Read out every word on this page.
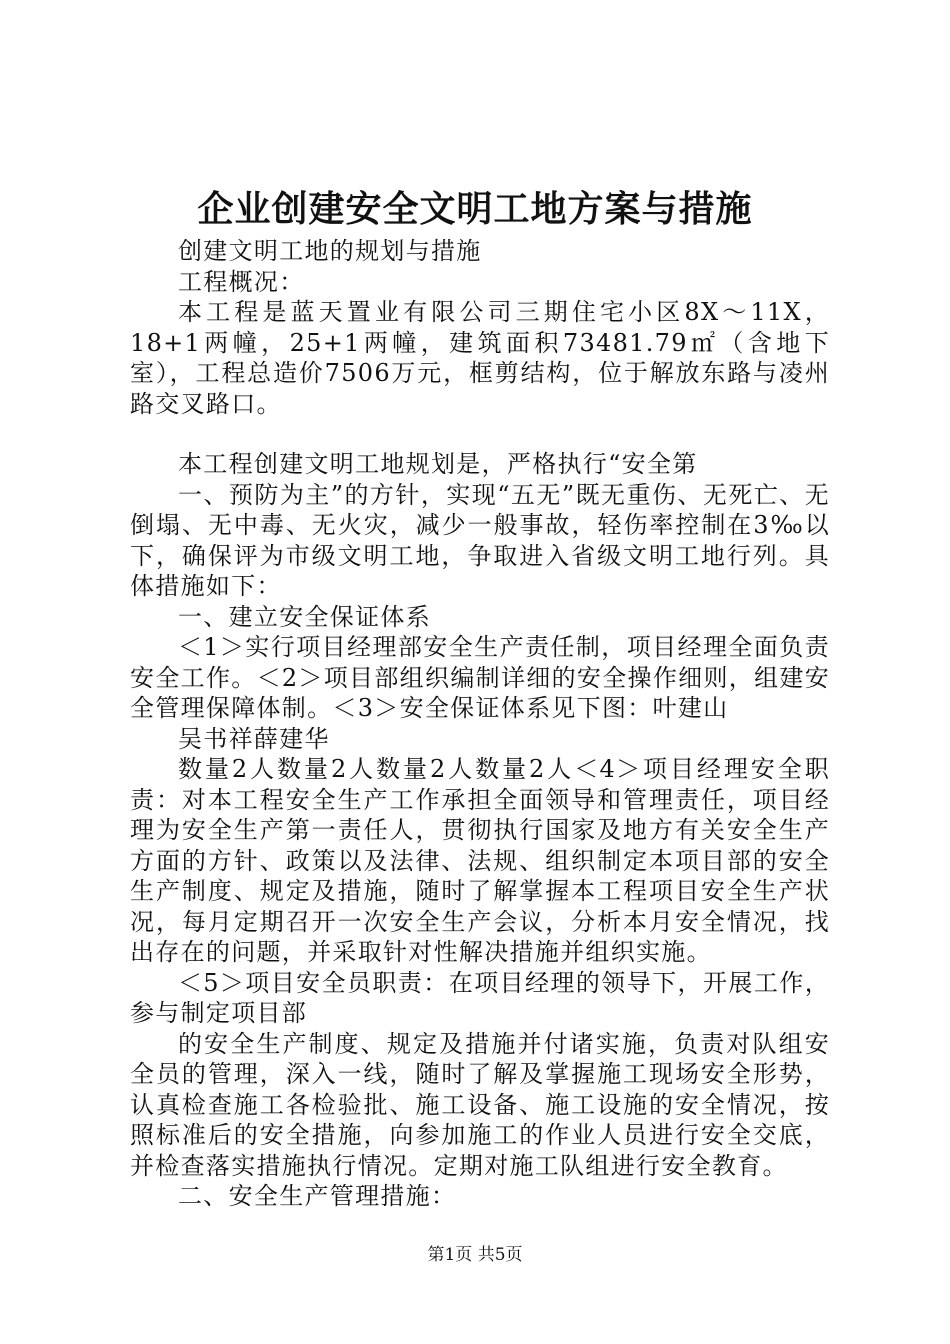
企业创建安全文明工地方案与措施

创建文明工地的规划与措施

工程概况：

本工程是蓝天置业有限公司三期住宅小区8X～11X，18+1两幢，25+1两幢，建筑面积73481.79㎡（含地下室），工程总造价7506万元，框剪结构，位于解放东路与凌州路交叉路口。

本工程创建文明工地规划是，严格执行“安全第

一、预防为主”的方针，实现“五无”既无重伤、无死亡、无倒塌、无中毒、无火灾，减少一般事故，轻伤率控制在3‰以下，确保评为市级文明工地，争取进入省级文明工地行列。具体措施如下：

一、建立安全保证体系

＜1＞实行项目经理部安全生产责任制，项目经理全面负责安全工作。＜2＞项目部组织编制详细的安全操作细则，组建安全管理保障体制。＜3＞安全保证体系见下图：叶建山

吴书祥薛建华

数量2人数量2人数量2人数量2人＜4＞项目经理安全职责：对本工程安全生产工作承担全面领导和管理责任，项目经理为安全生产第一责任人，贯彻执行国家及地方有关安全生产方面的方针、政策以及法律、法规、组织制定本项目部的安全生产制度、规定及措施，随时了解掌握本工程项目安全生产状况，每月定期召开一次安全生产会议，分析本月安全情况，找出存在的问题，并采取针对性解决措施并组织实施。

＜5＞项目安全员职责：在项目经理的领导下，开展工作，参与制定项目部

的安全生产制度、规定及措施并付诸实施，负责对队组安全员的管理，深入一线，随时了解及掌握施工现场安全形势，认真检查施工各检验批、施工设备、施工设施的安全情况，按照标准后的安全措施，向参加施工的作业人员进行安全交底，并检查落实措施执行情况。定期对施工队组进行安全教育。

二、安全生产管理措施：

第1页 共5页
